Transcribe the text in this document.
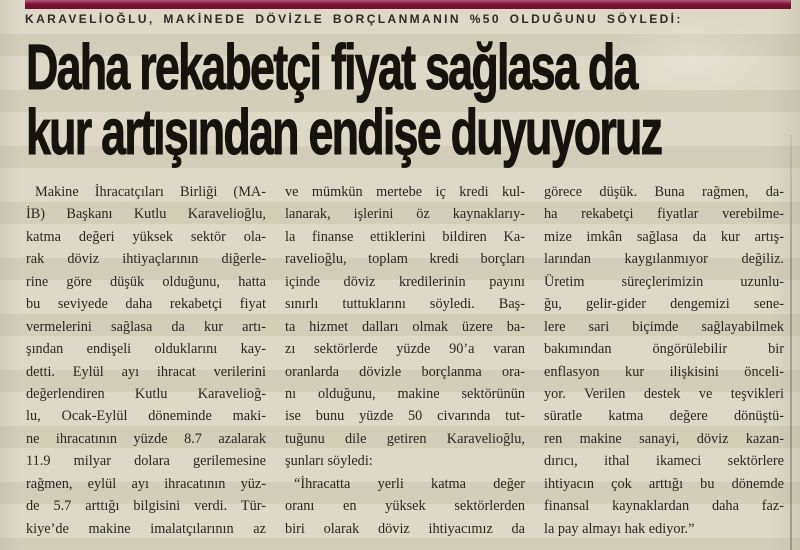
KARAVELİOĞLU, MAKİNEDE DÖVİZLE BORÇLANMANIN %50 OLDUĞUNU SÖYLEDİ:
Daha rekabetçi fiyat sağlasa da
kur artışından endişe duyuyoruz
Makine İhracatçıları Birliği (MA-
İB) Başkanı Kutlu Karavelioğlu,
katma değeri yüksek sektör ola-
rak döviz ihtiyaçlarının diğerle-
rine göre düşük olduğunu, hatta
bu seviyede daha rekabetçi fiyat
vermelerini sağlasa da kur artı-
şından endişeli olduklarını kay-
detti. Eylül ayı ihracat verilerini
değerlendiren Kutlu Karavelioğ-
lu, Ocak-Eylül döneminde maki-
ne ihracatının yüzde 8.7 azalarak
11.9 milyar dolara gerilemesine
rağmen, eylül ayı ihracatının yüz-
de 5.7 arttığı bilgisini verdi. Tür-
kiye’de makine imalatçılarının az
ve mümkün mertebe iç kredi kul-
lanarak, işlerini öz kaynaklarıy-
la finanse ettiklerini bildiren Ka-
ravelioğlu, toplam kredi borçları
içinde döviz kredilerinin payını
sınırlı tuttuklarını söyledi. Baş-
ta hizmet dalları olmak üzere ba-
zı sektörlerde yüzde 90’a varan
oranlarda dövizle borçlanma ora-
nı olduğunu, makine sektörünün
ise bunu yüzde 50 civarında tut-
tuğunu dile getiren Karavelioğlu,
şunları söyledi:
“İhracatta yerli katma değer
oranı en yüksek sektörlerden
biri olarak döviz ihtiyacımız da
görece düşük. Buna rağmen, da-
ha rekabetçi fiyatlar verebilme-
mize imkân sağlasa da kur artış-
larından kaygılanmıyor değiliz.
Üretim süreçlerimizin uzunlu-
ğu, gelir-gider dengemizi sene-
lere sari biçimde sağlayabilmek
bakımından öngörülebilir bir
enflasyon kur ilişkisini önceli-
yor. Verilen destek ve teşvikleri
süratle katma değere dönüştü-
ren makine sanayi, döviz kazan-
dırıcı, ithal ikameci sektörlere
ihtiyacın çok arttığı bu dönemde
finansal kaynaklardan daha faz-
la pay almayı hak ediyor.”
